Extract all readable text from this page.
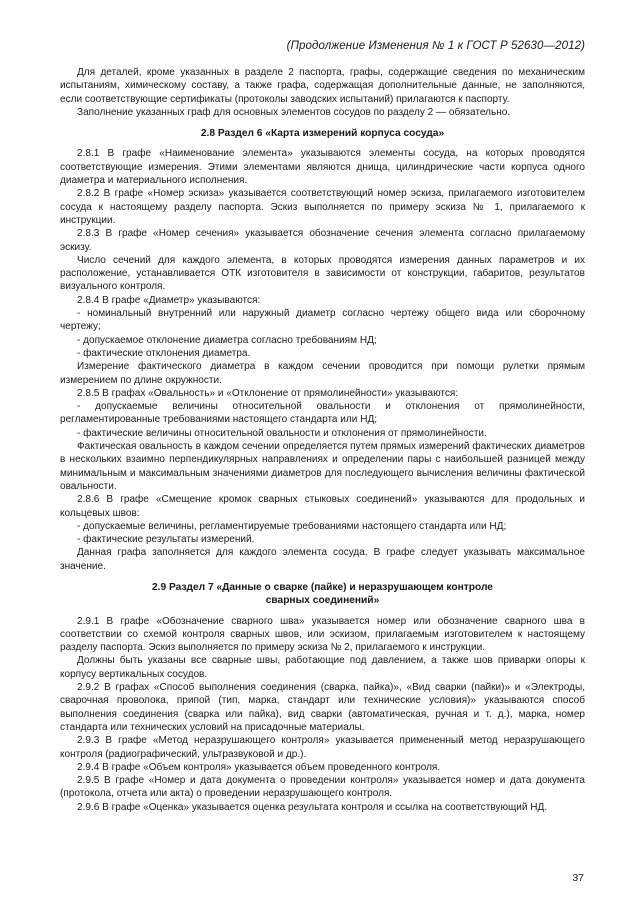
(Продолжение Изменения № 1 к ГОСТ Р 52630—2012)

Для деталей, кроме указанных в разделе 2 паспорта, графы, содержащие сведения по механическим испытаниям, химическому составу, а также графа, содержащая дополнительные данные, не заполняются, если соответствующие сертификаты (протоколы заводских испытаний) прилагаются к паспорту.

Заполнение указанных граф для основных элементов сосудов по разделу 2 — обязательно.

2.8 Раздел 6 «Карта измерений корпуса сосуда»

2.8.1 В графе «Наименование элемента» указываются элементы сосуда, на которых проводятся соответствующие измерения. Этими элементами являются днища, цилиндрические части корпуса одного диаметра и материального исполнения.

2.8.2 В графе «Номер эскиза» указывается соответствующий номер эскиза, прилагаемого изготовителем сосуда к настоящему разделу паспорта. Эскиз выполняется по примеру эскиза № 1, прилагаемого к инструкции.

2.8.3 В графе «Номер сечения» указывается обозначение сечения элемента согласно прилагаемому эскизу.

Число сечений для каждого элемента, в которых проводятся измерения данных параметров и их расположение, устанавливается ОТК изготовителя в зависимости от конструкции, габаритов, результатов визуального контроля.

2.8.4 В графе «Диаметр» указываются:

- номинальный внутренний или наружный диаметр согласно чертежу общего вида или сборочному чертежу;

- допускаемое отклонение диаметра согласно требованиям НД;

- фактические отклонения диаметра.

Измерение фактического диаметра в каждом сечении проводится при помощи рулетки прямым измерением по длине окружности.

2.8.5 В графах «Овальность» и «Отклонение от прямолинейности» указываются:

- допускаемые величины относительной овальности и отклонения от прямолинейности, регламентированные требованиями настоящего стандарта или НД;

- фактические величины относительной овальности и отклонения от прямолинейности.

Фактическая овальность в каждом сечении определяется путем прямых измерений фактических диаметров в нескольких взаимно перпендикулярных направлениях и определении пары с наибольшей разницей между минимальным и максимальным значениями диаметров для последующего вычисления величины фактической овальности.

2.8.6 В графе «Смещение кромок сварных стыковых соединений» указываются для продольных и кольцевых швов:

- допускаемые величины, регламентируемые требованиями настоящего стандарта или НД;

- фактические результаты измерений.

Данная графа заполняется для каждого элемента сосуда. В графе следует указывать максимальное значение.

2.9 Раздел 7 «Данные о сварке (пайке) и неразрушающем контроле
сварных соединений»

2.9.1 В графе «Обозначение сварного шва» указывается номер или обозначение сварного шва в соответствии со схемой контроля сварных швов, или эскизом, прилагаемым изготовителем к настоящему разделу паспорта. Эскиз выполняется по примеру эскиза № 2, прилагаемого к инструкции.

Должны быть указаны все сварные швы, работающие под давлением, а также шов приварки опоры к корпусу вертикальных сосудов.

2.9.2 В графах «Способ выполнения соединения (сварка, пайка)», «Вид сварки (пайки)» и «Электроды, сварочная проволока, припой (тип, марка, стандарт или технические условия)» указываются способ выполнения соединения (сварка или пайка), вид сварки (автоматическая, ручная и т. д.), марка, номер стандарта или технических условий на присадочные материалы.

2.9.3 В графе «Метод неразрушающего контроля» указывается примененный метод неразрушающего контроля (радиографический, ультразвуковой и др.).

2.9.4 В графе «Объем контроля» указывается объем проведенного контроля.

2.9.5 В графе «Номер и дата документа о проведении контроля» указывается номер и дата документа (протокола, отчета или акта) о проведении неразрушающего контроля.

2.9.6 В графе «Оценка» указывается оценка результата контроля и ссылка на соответствующий НД.

37
